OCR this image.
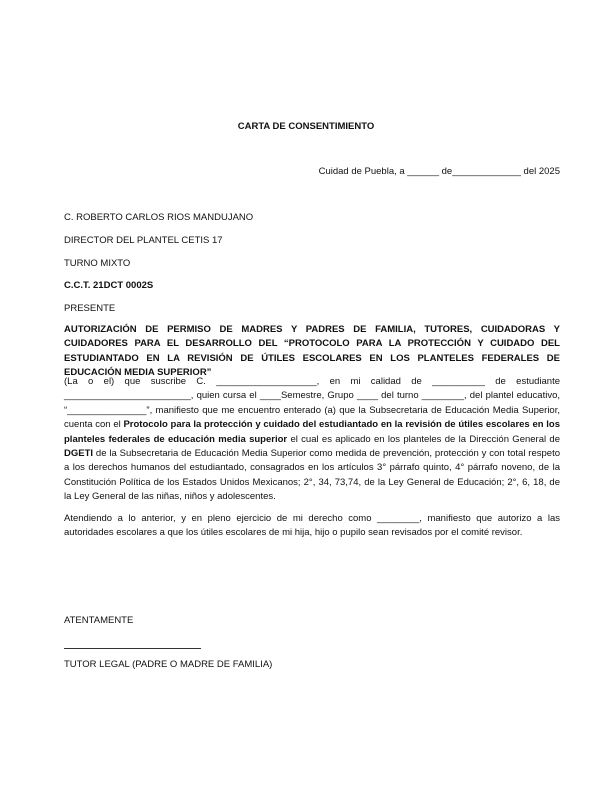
CARTA DE CONSENTIMIENTO
Cuidad de Puebla, a ______ de_____________ del 2025
C. ROBERTO CARLOS RIOS MANDUJANO
DIRECTOR DEL PLANTEL CETIS 17
TURNO MIXTO
C.C.T. 21DCT 0002S
PRESENTE
AUTORIZACIÓN DE PERMISO DE MADRES Y PADRES DE FAMILIA, TUTORES, CUIDADORAS Y CUIDADORES PARA EL DESARROLLO DEL “PROTOCOLO PARA LA PROTECCIÓN Y CUIDADO DEL ESTUDIANTADO EN LA REVISIÓN DE ÚTILES ESCOLARES EN LOS PLANTELES FEDERALES DE EDUCACIÓN MEDIA SUPERIOR”
(La o el) que suscribe C. ___________________, en mi calidad de __________ de estudiante ________________________, quien cursa el ____Semestre, Grupo ____ del turno ________, del plantel educativo, “_______________”, manifiesto que me encuentro enterado (a) que la Subsecretaria de Educación Media Superior, cuenta con el Protocolo para la protección y cuidado del estudiantado en la revisión de útiles escolares en los planteles federales de educación media superior el cual es aplicado en los planteles de la Dirección General de DGETI de la Subsecretaria de Educación Media Superior como medida de prevención, protección y con total respeto a los derechos humanos del estudiantado, consagrados en los artículos 3° párrafo quinto, 4° párrafo noveno, de la Constitución Política de los Estados Unidos Mexicanos; 2°, 34, 73,74, de la Ley General de Educación; 2°, 6, 18, de la Ley General de las niñas, niños y adolescentes.
Atendiendo a lo anterior, y en pleno ejercicio de mi derecho como ________, manifiesto que autorizo a las autoridades escolares a que los útiles escolares de mi hija, hijo o pupilo sean revisados por el comité revisor.
ATENTAMENTE
TUTOR LEGAL (PADRE O MADRE DE FAMILIA)
